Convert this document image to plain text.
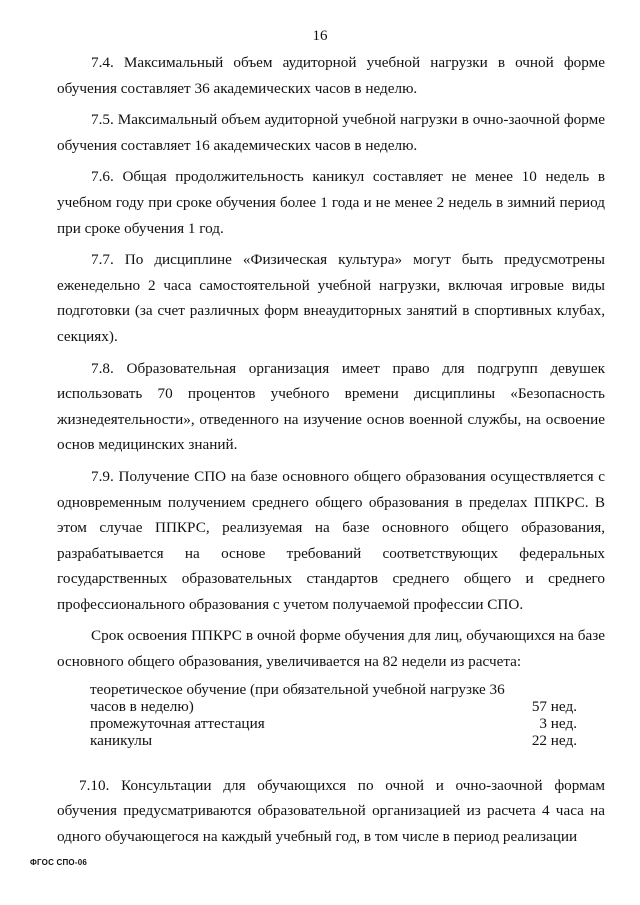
16

7.4. Максимальный объем аудиторной учебной нагрузки в очной форме обучения составляет 36 академических часов в неделю.

7.5. Максимальный объем аудиторной учебной нагрузки в очно-заочной форме обучения составляет 16 академических часов в неделю.

7.6. Общая продолжительность каникул составляет не менее 10 недель в учебном году при сроке обучения более 1 года и не менее 2 недель в зимний период при сроке обучения 1 год.

7.7. По дисциплине «Физическая культура» могут быть предусмотрены еженедельно 2 часа самостоятельной учебной нагрузки, включая игровые виды подготовки (за счет различных форм внеаудиторных занятий в спортивных клубах, секциях).

7.8. Образовательная организация имеет право для подгрупп девушек использовать 70 процентов учебного времени дисциплины «Безопасность жизнедеятельности», отведенного на изучение основ военной службы, на освоение основ медицинских знаний.

7.9. Получение СПО на базе основного общего образования осуществляется с одновременным получением среднего общего образования в пределах ППКРС. В этом случае ППКРС, реализуемая на базе основного общего образования, разрабатывается на основе требований соответствующих федеральных государственных образовательных стандартов среднего общего и среднего профессионального образования с учетом получаемой профессии СПО.

Срок освоения ППКРС в очной форме обучения для лиц, обучающихся на базе основного общего образования, увеличивается на 82 недели из расчета:

теоретическое обучение (при обязательной учебной нагрузке 36 часов в неделю)	57 нед.
промежуточная аттестация	3 нед.
каникулы	22 нед.

7.10. Консультации для обучающихся по очной и очно-заочной формам обучения предусматриваются образовательной организацией из расчета 4 часа на одного обучающегося на каждый учебный год, в том числе в период реализации

ФГОС СПО-06
